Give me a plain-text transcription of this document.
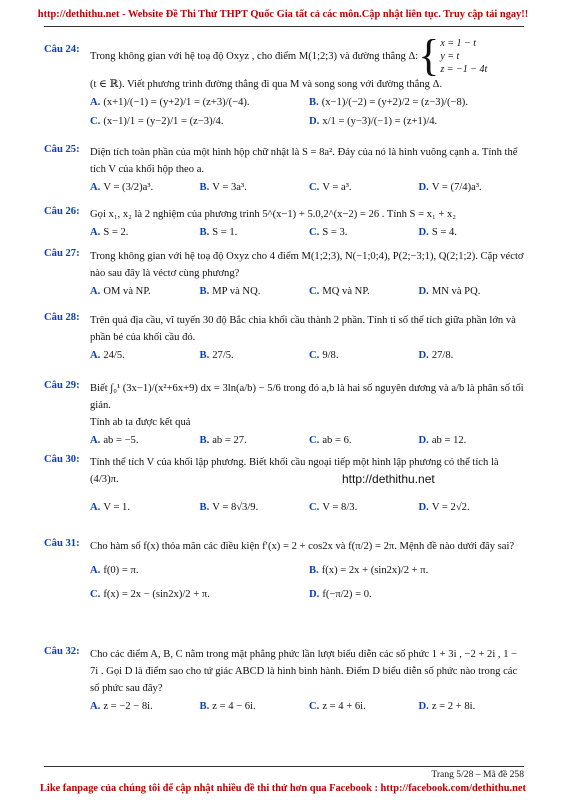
http://dethithu.net - Website Đề Thi Thử THPT Quốc Gia tất cả các môn.Cập nhật liên tục. Truy cập tải ngay!!
Câu 24:
Trong không gian với hệ toạ độ Oxyz , cho điểm M(1;2;3) và đường thẳng Δ: { x = 1 − t
y = t
z = −1 − 4t
(t ∈ ℝ). Viết phương trình đường thẳng đi qua M và song song với đường thẳng Δ.
A. (x+1)/(−1) = (y+2)/1 = (z+3)/(−4).	B. (x−1)/(−2) = (y+2)/2 = (z−3)/(−8).
C. (x−1)/1 = (y−2)/1 = (z−3)/4.	D. x/1 = (y−3)/(−1) = (z+1)/4.
Câu 25: Diện tích toàn phần của một hình hộp chữ nhật là S = 8a². Đáy của nó là hình vuông cạnh a. Tính thể tích V của khối hộp theo a.
A. V = (3/2)a³.	B. V = 3a³.	C. V = a³.	D. V = (7/4)a³.
Câu 26: Gọi x₁, x₂ là 2 nghiệm của phương trình 5^(x−1) + 5.0,2^(x−2) = 26 . Tính S = x₁ + x₂
A. S = 2.	B. S = 1.	C. S = 3.	D. S = 4.
Câu 27: Trong không gian với hệ toạ độ Oxyz cho 4 điểm M(1;2;3), N(−1;0;4), P(2;−3;1), Q(2;1;2). Cặp véctơ nào sau đây là véctơ cùng phương?
A. OM và NP.	B. MP và NQ.	C. MQ và NP.	D. MN và PQ.
Câu 28: Trên quả địa cầu, vĩ tuyến 30 độ Bắc chia khối cầu thành 2 phần. Tính tỉ số thể tích giữa phần lớn và phần bé của khối cầu đó.
A. 24/5.	B. 27/5.	C. 9/8.	D. 27/8.
Câu 29: Biết ∫₀¹ (3x−1)/(x²+6x+9) dx = 3ln(a/b) − 5/6 trong đó a,b là hai số nguyên dương và a/b là phân số tối giản.
Tính ab ta được kết quả
A. ab = −5.	B. ab = 27.	C. ab = 6.	D. ab = 12.
Câu 30: Tính thể tích V của khối lập phương. Biết khối cầu ngoại tiếp một hình lập phương có thể tích là (4/3)π.
A. V = 1.	B. V = 8√3/9.	C. V = 8/3.	D. V = 2√2.
http://dethithu.net
Câu 31: Cho hàm số f(x) thỏa mãn các điều kiện f′(x) = 2 + cos2x và f(π/2) = 2π. Mệnh đề nào dưới đây sai?
A. f(0) = π.	B. f(x) = 2x + (sin2x)/2 + π.
C. f(x) = 2x − (sin2x)/2 + π.	D. f(−π/2) = 0.
Câu 32: Cho các điểm A, B, C nằm trong mặt phẳng phức lần lượt biểu diễn các số phức 1 + 3i , −2 + 2i , 1 − 7i . Gọi D là điểm sao cho tứ giác ABCD là hình bình hành. Điểm D biểu diễn số phức nào trong các số phức sau đây?
A. z = −2 − 8i.	B. z = 4 − 6i.	C. z = 4 + 6i.	D. z = 2 + 8i.
Trang 5/28 – Mã đề 258
Like fanpage của chúng tôi để cập nhật nhiều đề thi thử hơn qua Facebook : http://facebook.com/dethithu.net
